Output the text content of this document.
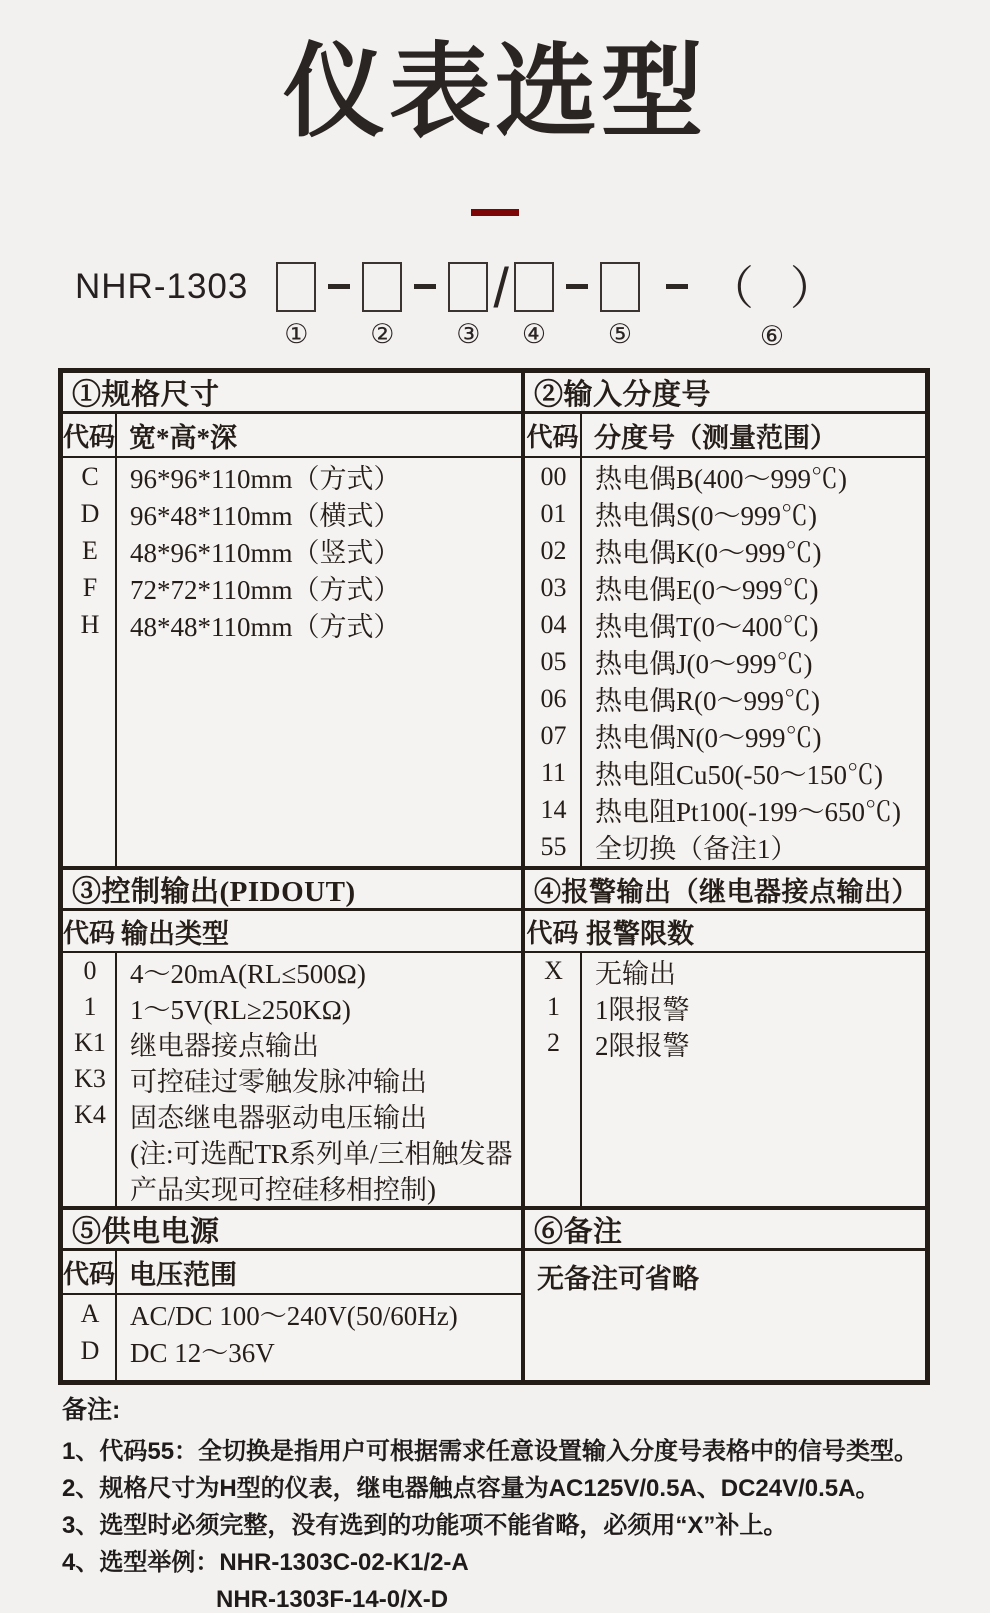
仪表选型
NHR-1303
① ② ③
/
④ ⑤
（ ）
⑥
①规格尺寸
代码 宽*高*深
C	96*96*110mm（方式）
D	96*48*110mm（横式）
E	48*96*110mm（竖式）
F	72*72*110mm（方式）
H	48*48*110mm（方式）
②输入分度号
代码 分度号（测量范围）
00	热电偶B(400～999℃)
01	热电偶S(0～999℃)
02	热电偶K(0～999℃)
03	热电偶E(0～999℃)
04	热电偶T(0～400℃)
05	热电偶J(0～999℃)
06	热电偶R(0～999℃)
07	热电偶N(0～999℃)
11	热电阻Cu50(-50～150℃)
14	热电阻Pt100(-199～650℃)
55	全切换（备注1）
③控制输出(PIDOUT)
代码 输出类型
0	4～20mA(RL≤500Ω)
1	1～5V(RL≥250KΩ)
K1 继电器接点输出
K3 可控硅过零触发脉冲输出
K4 固态继电器驱动电压输出
(注:可选配TR系列单/三相触发器
产品实现可控硅移相控制)
④报警输出（继电器接点输出）
代码 报警限数
X	无输出
1	1限报警
2	2限报警
⑤供电电源
代码 电压范围
A	AC/DC 100～240V(50/60Hz)
D	DC 12～36V
⑥备注
无备注可省略
备注:
1、代码55：全切换是指用户可根据需求任意设置输入分度号表格中的信号类型。
2、规格尺寸为H型的仪表，继电器触点容量为AC125V/0.5A、DC24V/0.5A。
3、选型时必须完整，没有选到的功能项不能省略，必须用“X”补上。
4、选型举例：NHR-1303C-02-K1/2-A
NHR-1303F-14-0/X-D
